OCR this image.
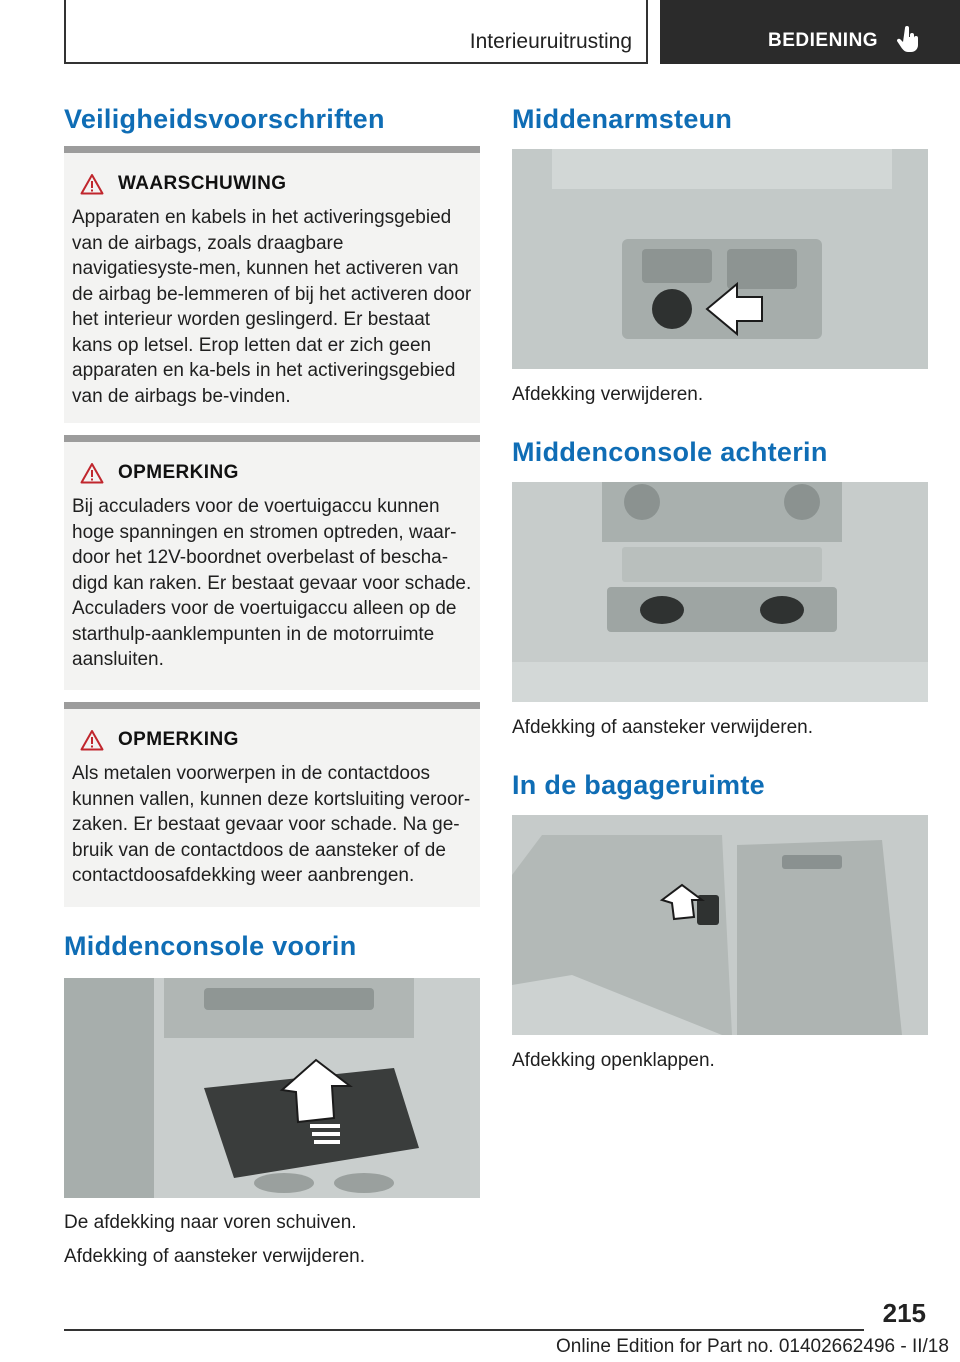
Interieuruitrusting	BEDIENING
Veiligheidsvoorschriften
WAARSCHUWING
Apparaten en kabels in het activeringsgebied van de airbags, zoals draagbare navigatiesyste-men, kunnen het activeren van de airbag be-lemmeren of bij het activeren door het interieur worden geslingerd. Er bestaat kans op letsel. Erop letten dat er zich geen apparaten en ka-bels in het activeringsgebied van de airbags be-vinden.
OPMERKING
Bij acculaders voor de voertuigaccu kunnen hoge spanningen en stromen optreden, waar-door het 12V-boordnet overbelast of bescha-digd kan raken. Er bestaat gevaar voor schade. Acculaders voor de voertuigaccu alleen op de starthulp-aanklempunten in de motorruimte aansluiten.
OPMERKING
Als metalen voorwerpen in de contactdoos kunnen vallen, kunnen deze kortsluiting veroor-zaken. Er bestaat gevaar voor schade. Na ge-bruik van de contactdoos de aansteker of de contactdoosafdekking weer aanbrengen.
Middenconsole voorin
De afdekking naar voren schuiven.
Afdekking of aansteker verwijderen.
Middenarmsteun
Afdekking verwijderen.
Middenconsole achterin
Afdekking of aansteker verwijderen.
In de bagageruimte
Afdekking openklappen.
215
Online Edition for Part no. 01402662496 - II/18
